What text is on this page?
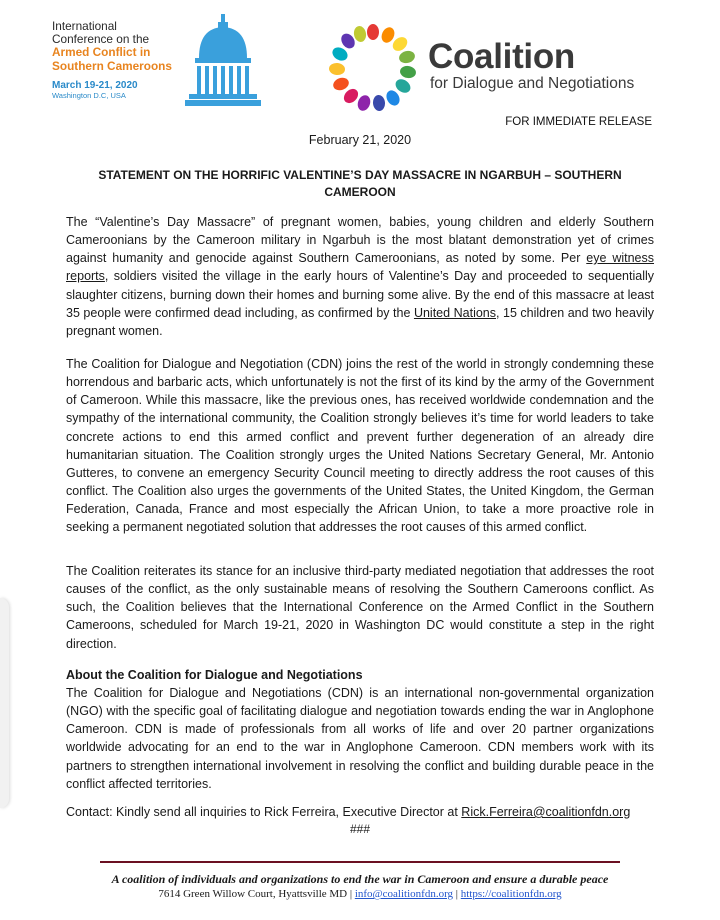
International
Conference on the
Armed Conflict in
Southern Cameroons
March 19-21, 2020
Washington D.C, USA
Coalition
for Dialogue and Negotiations
FOR IMMEDIATE RELEASE
February 21, 2020
STATEMENT ON THE HORRIFIC VALENTINE’S DAY MASSACRE IN NGARBUH – SOUTHERN CAMEROON

The “Valentine’s Day Massacre” of pregnant women, babies, young children and elderly Southern Cameroonians by the Cameroon military in Ngarbuh is the most blatant demonstration yet of crimes against humanity and genocide against Southern Cameroonians, as noted by some. Per eye witness reports, soldiers visited the village in the early hours of Valentine’s Day and proceeded to sequentially slaughter citizens, burning down their homes and burning some alive. By the end of this massacre at least 35 people were confirmed dead including, as confirmed by the United Nations, 15 children and two heavily pregnant women.

The Coalition for Dialogue and Negotiation (CDN) joins the rest of the world in strongly condemning these horrendous and barbaric acts, which unfortunately is not the first of its kind by the army of the Government of Cameroon. While this massacre, like the previous ones, has received worldwide condemnation and the sympathy of the international community, the Coalition strongly believes it’s time for world leaders to take concrete actions to end this armed conflict and prevent further degeneration of an already dire humanitarian situation. The Coalition strongly urges the United Nations Secretary General, Mr. Antonio Gutteres, to convene an emergency Security Council meeting to directly address the root causes of this conflict. The Coalition also urges the governments of the United States, the United Kingdom, the German Federation, Canada, France and most especially the African Union, to take a more proactive role in seeking a permanent negotiated solution that addresses the root causes of this armed conflict.

The Coalition reiterates its stance for an inclusive third-party mediated negotiation that addresses the root causes of the conflict, as the only sustainable means of resolving the Southern Cameroons conflict. As such, the Coalition believes that the International Conference on the Armed Conflict in the Southern Cameroons, scheduled for March 19-21, 2020 in Washington DC would constitute a step in the right direction.

About the Coalition for Dialogue and Negotiations

The Coalition for Dialogue and Negotiations (CDN) is an international non-governmental organization (NGO) with the specific goal of facilitating dialogue and negotiation towards ending the war in Anglophone Cameroon. CDN is made of professionals from all works of life and over 20 partner organizations worldwide advocating for an end to the war in Anglophone Cameroon. CDN members work with its partners to strengthen international involvement in resolving the conflict and building durable peace in the conflict affected territories.

Contact: Kindly send all inquiries to Rick Ferreira, Executive Director at Rick.Ferreira@coalitionfdn.org
###
A coalition of individuals and organizations to end the war in Cameroon and ensure a durable peace
7614 Green Willow Court, Hyattsville MD | info@coalitionfdn.org | https://coalitionfdn.org
